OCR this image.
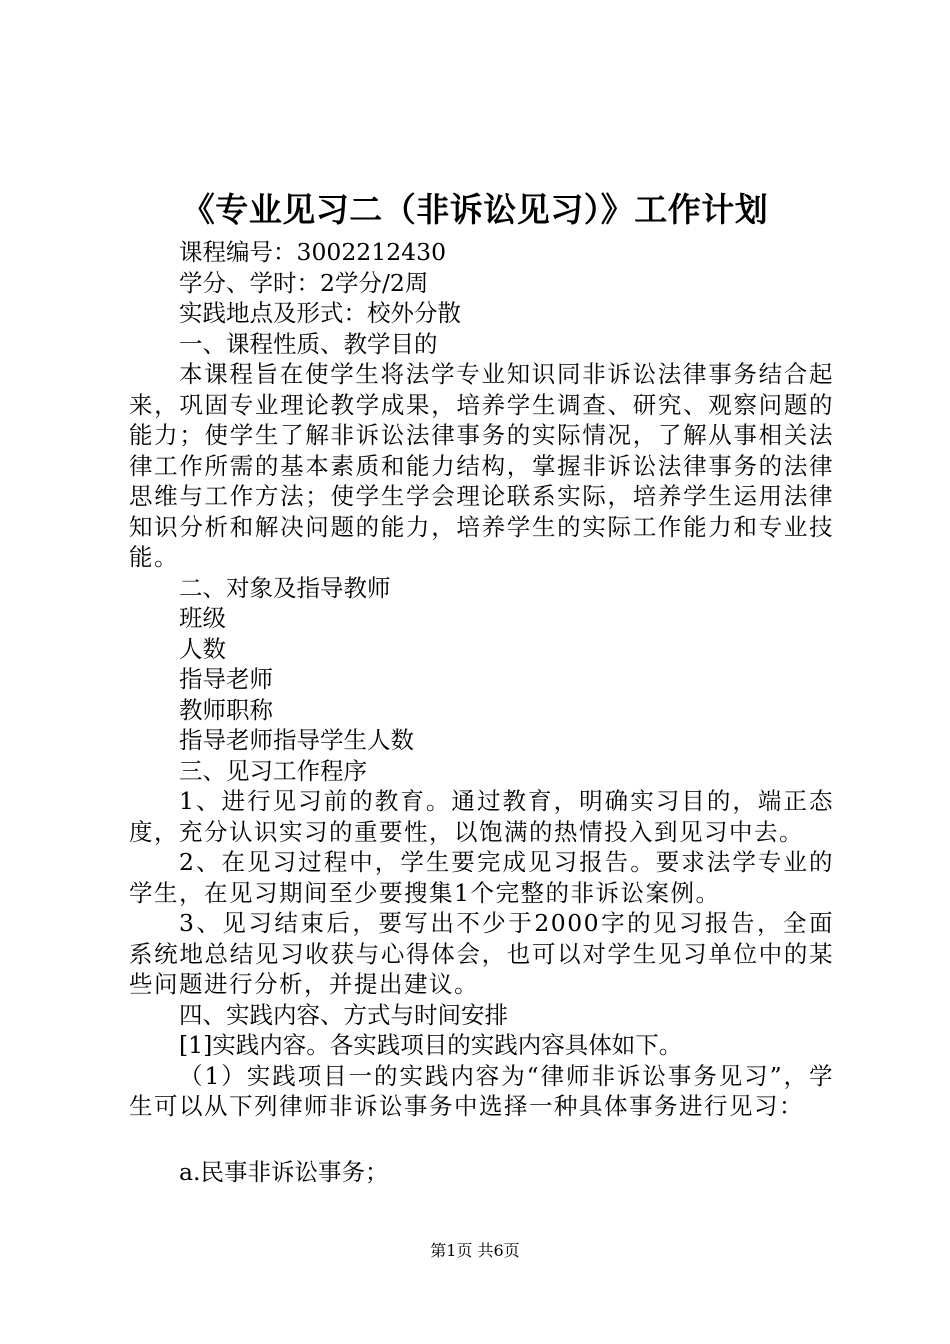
《专业见习二（非诉讼见习）》工作计划

课程编号：3002212430

学分、学时：2学分/2周

实践地点及形式：校外分散

一、课程性质、教学目的

本课程旨在使学生将法学专业知识同非诉讼法律事务结合起来，巩固专业理论教学成果，培养学生调查、研究、观察问题的能力；使学生了解非诉讼法律事务的实际情况，了解从事相关法律工作所需的基本素质和能力结构，掌握非诉讼法律事务的法律思维与工作方法；使学生学会理论联系实际，培养学生运用法律知识分析和解决问题的能力，培养学生的实际工作能力和专业技能。

二、对象及指导教师

班级

人数

指导老师

教师职称

指导老师指导学生人数

三、见习工作程序

1、进行见习前的教育。通过教育，明确实习目的，端正态度，充分认识实习的重要性，以饱满的热情投入到见习中去。

2、在见习过程中，学生要完成见习报告。要求法学专业的学生，在见习期间至少要搜集1个完整的非诉讼案例。

3、见习结束后，要写出不少于2000字的见习报告，全面系统地总结见习收获与心得体会，也可以对学生见习单位中的某些问题进行分析，并提出建议。

四、实践内容、方式与时间安排

[1]实践内容。各实践项目的实践内容具体如下。

（1）实践项目一的实践内容为“律师非诉讼事务见习”，学生可以从下列律师非诉讼事务中选择一种具体事务进行见习：

a.民事非诉讼事务；

第1页 共6页
